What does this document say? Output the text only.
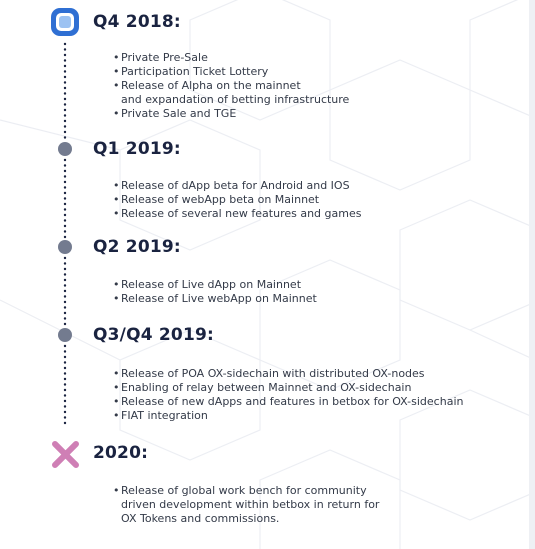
Q4 2018:
• Private Pre-Sale
• Participation Ticket Lottery
• Release of Alpha on the mainnet
and expandation of betting infrastructure
• Private Sale and TGE
Q1 2019:
• Release of dApp beta for Android and IOS
• Release of webApp beta on Mainnet
• Release of several new features and games
Q2 2019:
• Release of Live dApp on Mainnet
• Release of Live webApp on Mainnet
Q3/Q4 2019:
• Release of POA OX-sidechain with distributed OX-nodes
• Enabling of relay between Mainnet and OX-sidechain
• Release of new dApps and features in betbox for OX-sidechain
• FIAT integration
2020:
• Release of global work bench for community
driven development within betbox in return for
OX Tokens and commissions.
